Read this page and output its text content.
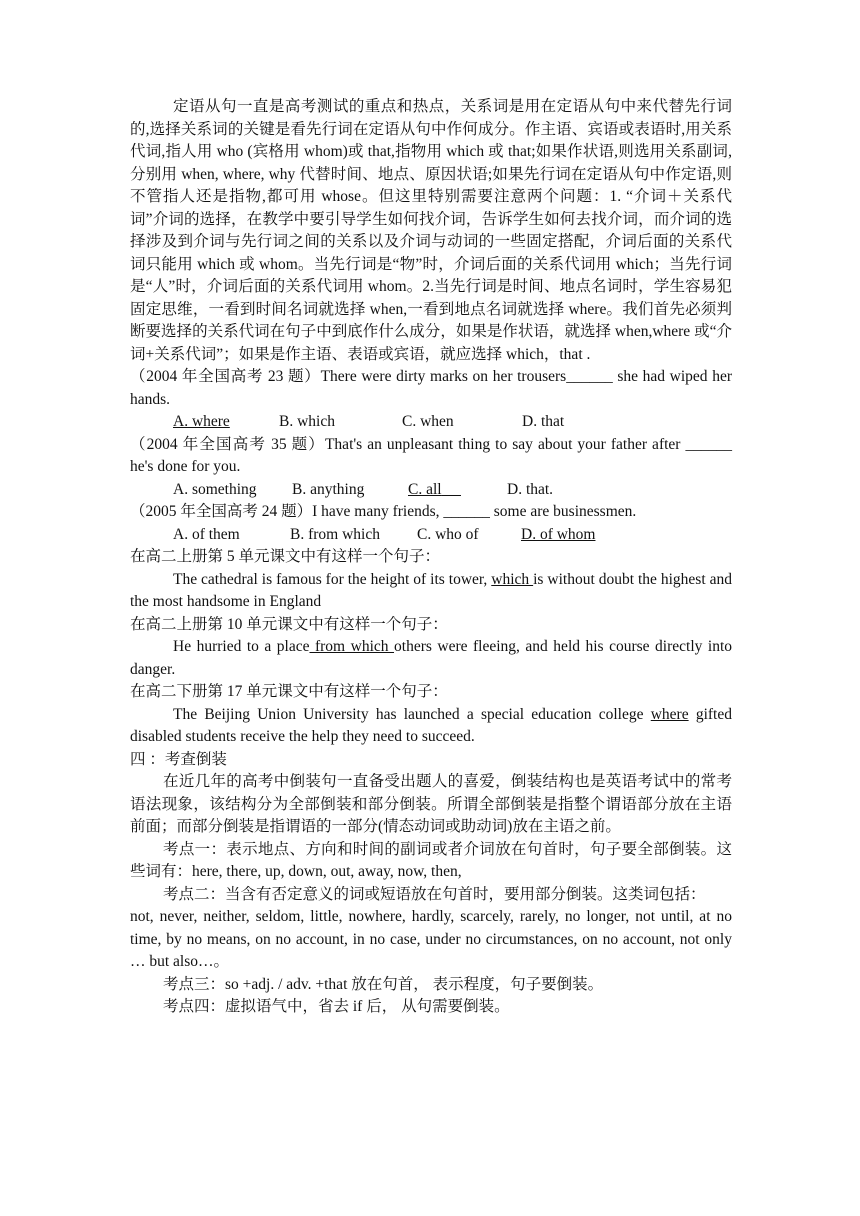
定语从句一直是高考测试的重点和热点，关系词是用在定语从句中来代替先行词的,选择关系词的关键是看先行词在定语从句中作何成分。作主语、宾语或表语时,用关系代词,指人用 who (宾格用 whom)或 that,指物用 which 或 that;如果作状语,则选用关系副词,分别用 when, where, why 代替时间、地点、原因状语;如果先行词在定语从句中作定语,则不管指人还是指物,都可用 whose。但这里特别需要注意两个问题：1. “介词＋关系代词”介词的选择，在教学中要引导学生如何找介词，告诉学生如何去找介词，而介词的选择涉及到介词与先行词之间的关系以及介词与动词的一些固定搭配，介词后面的关系代词只能用 which 或 whom。当先行词是“物”时，介词后面的关系代词用 which；当先行词是“人”时，介词后面的关系代词用 whom。2.当先行词是时间、地点名词时，学生容易犯固定思维，一看到时间名词就选择 when,一看到地点名词就选择 where。我们首先必须判断要选择的关系代词在句子中到底作什么成分，如果是作状语，就选择 when,where 或“介词+关系代词”；如果是作主语、表语或宾语，就应选择 which，that .

（2004 年全国高考 23 题）There were dirty marks on her trousers______ she had wiped her hands.

A. where	B. which	C. when	D. that

（2004 年全国高考 35 题）That's an unpleasant thing to say about your father after ______ he's done for you.

A. something B. anything	C. all	D. that.

（2005 年全国高考 24 题）I have many friends, ______ some are businessmen.

A. of them	B. from which C. who of	D. of whom

在高二上册第 5 单元课文中有这样一个句子：

The cathedral is famous for the height of its tower, which is without doubt the highest and the most handsome in England

在高二上册第 10 单元课文中有这样一个句子：

He hurried to a place from which others were fleeing, and held his course directly into danger.

在高二下册第 17 单元课文中有这样一个句子：

The Beijing Union University has launched a special education college where gifted disabled students receive the help they need to succeed.

四 ：考查倒装

在近几年的高考中倒装句一直备受出题人的喜爱，倒装结构也是英语考试中的常考语法现象，该结构分为全部倒装和部分倒装。所谓全部倒装是指整个谓语部分放在主语前面；而部分倒装是指谓语的一部分(情态动词或助动词)放在主语之前。

考点一：表示地点、方向和时间的副词或者介词放在句首时，句子要全部倒装。这些词有：here, there, up, down, out, away, now, then,

考点二：当含有否定意义的词或短语放在句首时，要用部分倒装。这类词包括：

not, never, neither, seldom, little, nowhere, hardly, scarcely, rarely, no longer, not until, at no time, by no means, on no account, in no case, under no circumstances, on no account, not only … but also…。

考点三：so +adj. / adv. +that 放在句首， 表示程度，句子要倒装。

考点四：虚拟语气中，省去 if 后， 从句需要倒装。
